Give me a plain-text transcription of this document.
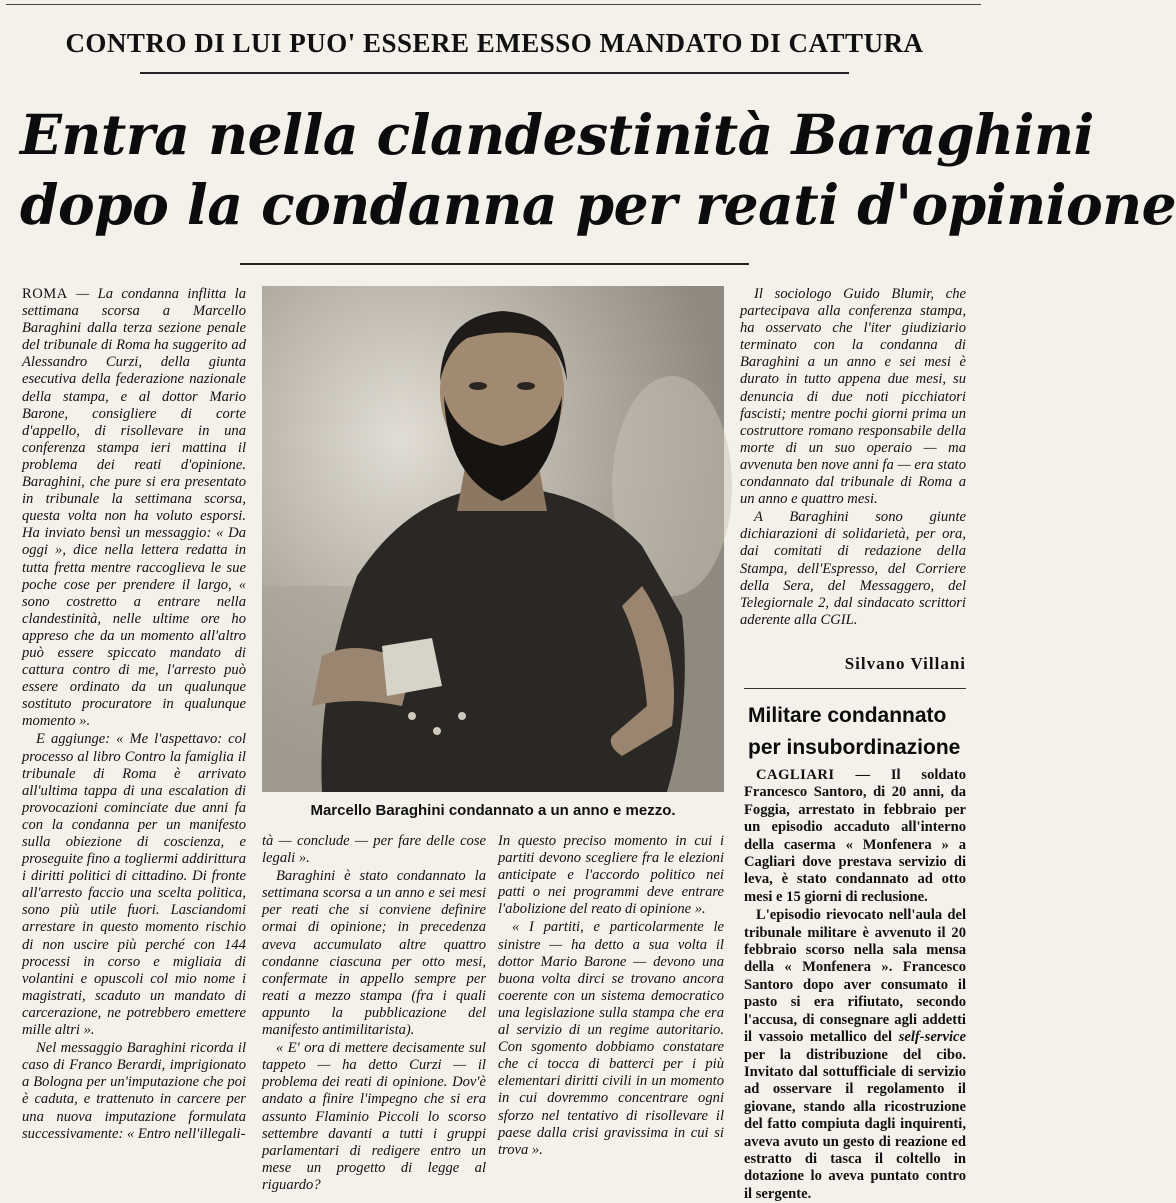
CONTRO DI LUI PUO' ESSERE EMESSO MANDATO DI CATTURA
Entra nella clandestinità Baraghini
dopo la condanna per reati d'opinione

ROMA — La condanna inflitta la settimana scorsa a Marcello Baraghini dalla terza sezione penale del tribunale di Roma ha suggerito ad Alessandro Curzi, della giunta esecutiva della federazione nazionale della stampa, e al dottor Mario Barone, consigliere di corte d'appello, di risollevare in una conferenza stampa ieri mattina il problema dei reati d'opinione. Baraghini, che pure si era presentato in tribunale la settimana scorsa, questa volta non ha voluto esporsi. Ha inviato bensì un messaggio: « Da oggi », dice nella lettera redatta in tutta fretta mentre raccoglieva le sue poche cose per prendere il largo, « sono costretto a entrare nella clandestinità, nelle ultime ore ho appreso che da un momento all'altro può essere spiccato mandato di cattura contro di me, l'arresto può essere ordinato da un qualunque sostituto procuratore in qualunque momento ».

E aggiunge: « Me l'aspettavo: col processo al libro Contro la famiglia il tribunale di Roma è arrivato all'ultima tappa di una escalation di provocazioni cominciate due anni fa con la condanna per un manifesto sulla obiezione di coscienza, e proseguite fino a togliermi addirittura i diritti politici di cittadino. Di fronte all'arresto faccio una scelta politica, sono più utile fuori. Lasciandomi arrestare in questo momento rischio di non uscire più perché con 144 processi in corso e migliaia di volantini e opuscoli col mio nome i magistrati, scaduto un mandato di carcerazione, ne potrebbero emettere mille altri ».

Nel messaggio Baraghini ricorda il caso di Franco Berardi, imprigionato a Bologna per un'imputazione che poi è caduta, e trattenuto in carcere per una nuova imputazione formulata successivamente: « Entro nell'illegali-

Marcello Baraghini condannato a un anno e mezzo.

tà — conclude — per fare delle cose legali ».

Baraghini è stato condannato la settimana scorsa a un anno e sei mesi per reati che si conviene definire ormai di opinione; in precedenza aveva accumulato altre quattro condanne ciascuna per otto mesi, confermate in appello sempre per reati a mezzo stampa (fra i quali appunto la pubblicazione del manifesto antimilitarista).

« E' ora di mettere decisamente sul tappeto — ha detto Curzi — il problema dei reati di opinione. Dov'è andato a finire l'impegno che si era assunto Flaminio Piccoli lo scorso settembre davanti a tutti i gruppi parlamentari di redigere entro un mese un progetto di legge al riguardo?

In questo preciso momento in cui i partiti devono scegliere fra le elezioni anticipate e l'accordo politico nei patti o nei programmi deve entrare l'abolizione del reato di opinione ».

« I partiti, e particolarmente le sinistre — ha detto a sua volta il dottor Mario Barone — devono una buona volta dirci se trovano ancora coerente con un sistema democratico una legislazione sulla stampa che era al servizio di un regime autoritario. Con sgomento dobbiamo constatare che ci tocca di batterci per i più elementari diritti civili in un momento in cui dovremmo concentrare ogni sforzo nel tentativo di risollevare il paese dalla crisi gravissima in cui si trova ».

Il sociologo Guido Blumir, che partecipava alla conferenza stampa, ha osservato che l'iter giudiziario terminato con la condanna di Baraghini a un anno e sei mesi è durato in tutto appena due mesi, su denuncia di due noti picchiatori fascisti; mentre pochi giorni prima un costruttore romano responsabile della morte di un suo operaio — ma avvenuta ben nove anni fa — era stato condannato dal tribunale di Roma a un anno e quattro mesi.

A Baraghini sono giunte dichiarazioni di solidarietà, per ora, dai comitati di redazione della Stampa, dell'Espresso, del Corriere della Sera, del Messaggero, del Telegiornale 2, dal sindacato scrittori aderente alla CGIL.

Silvano Villani
Militare condannato
per insubordinazione

CAGLIARI — Il soldato Francesco Santoro, di 20 anni, da Foggia, arrestato in febbraio per un episodio accaduto all'interno della caserma « Monfenera » a Cagliari dove prestava servizio di leva, è stato condannato ad otto mesi e 15 giorni di reclusione.

L'episodio rievocato nell'aula del tribunale militare è avvenuto il 20 febbraio scorso nella sala mensa della « Monfenera ». Francesco Santoro dopo aver consumato il pasto si era rifiutato, secondo l'accusa, di consegnare agli addetti il vassoio metallico del self-service per la distribuzione del cibo. Invitato dal sottufficiale di servizio ad osservare il regolamento il giovane, stando alla ricostruzione del fatto compiuta dagli inquirenti, aveva avuto un gesto di reazione ed estratto di tasca il coltello in dotazione lo aveva puntato contro il sergente.
